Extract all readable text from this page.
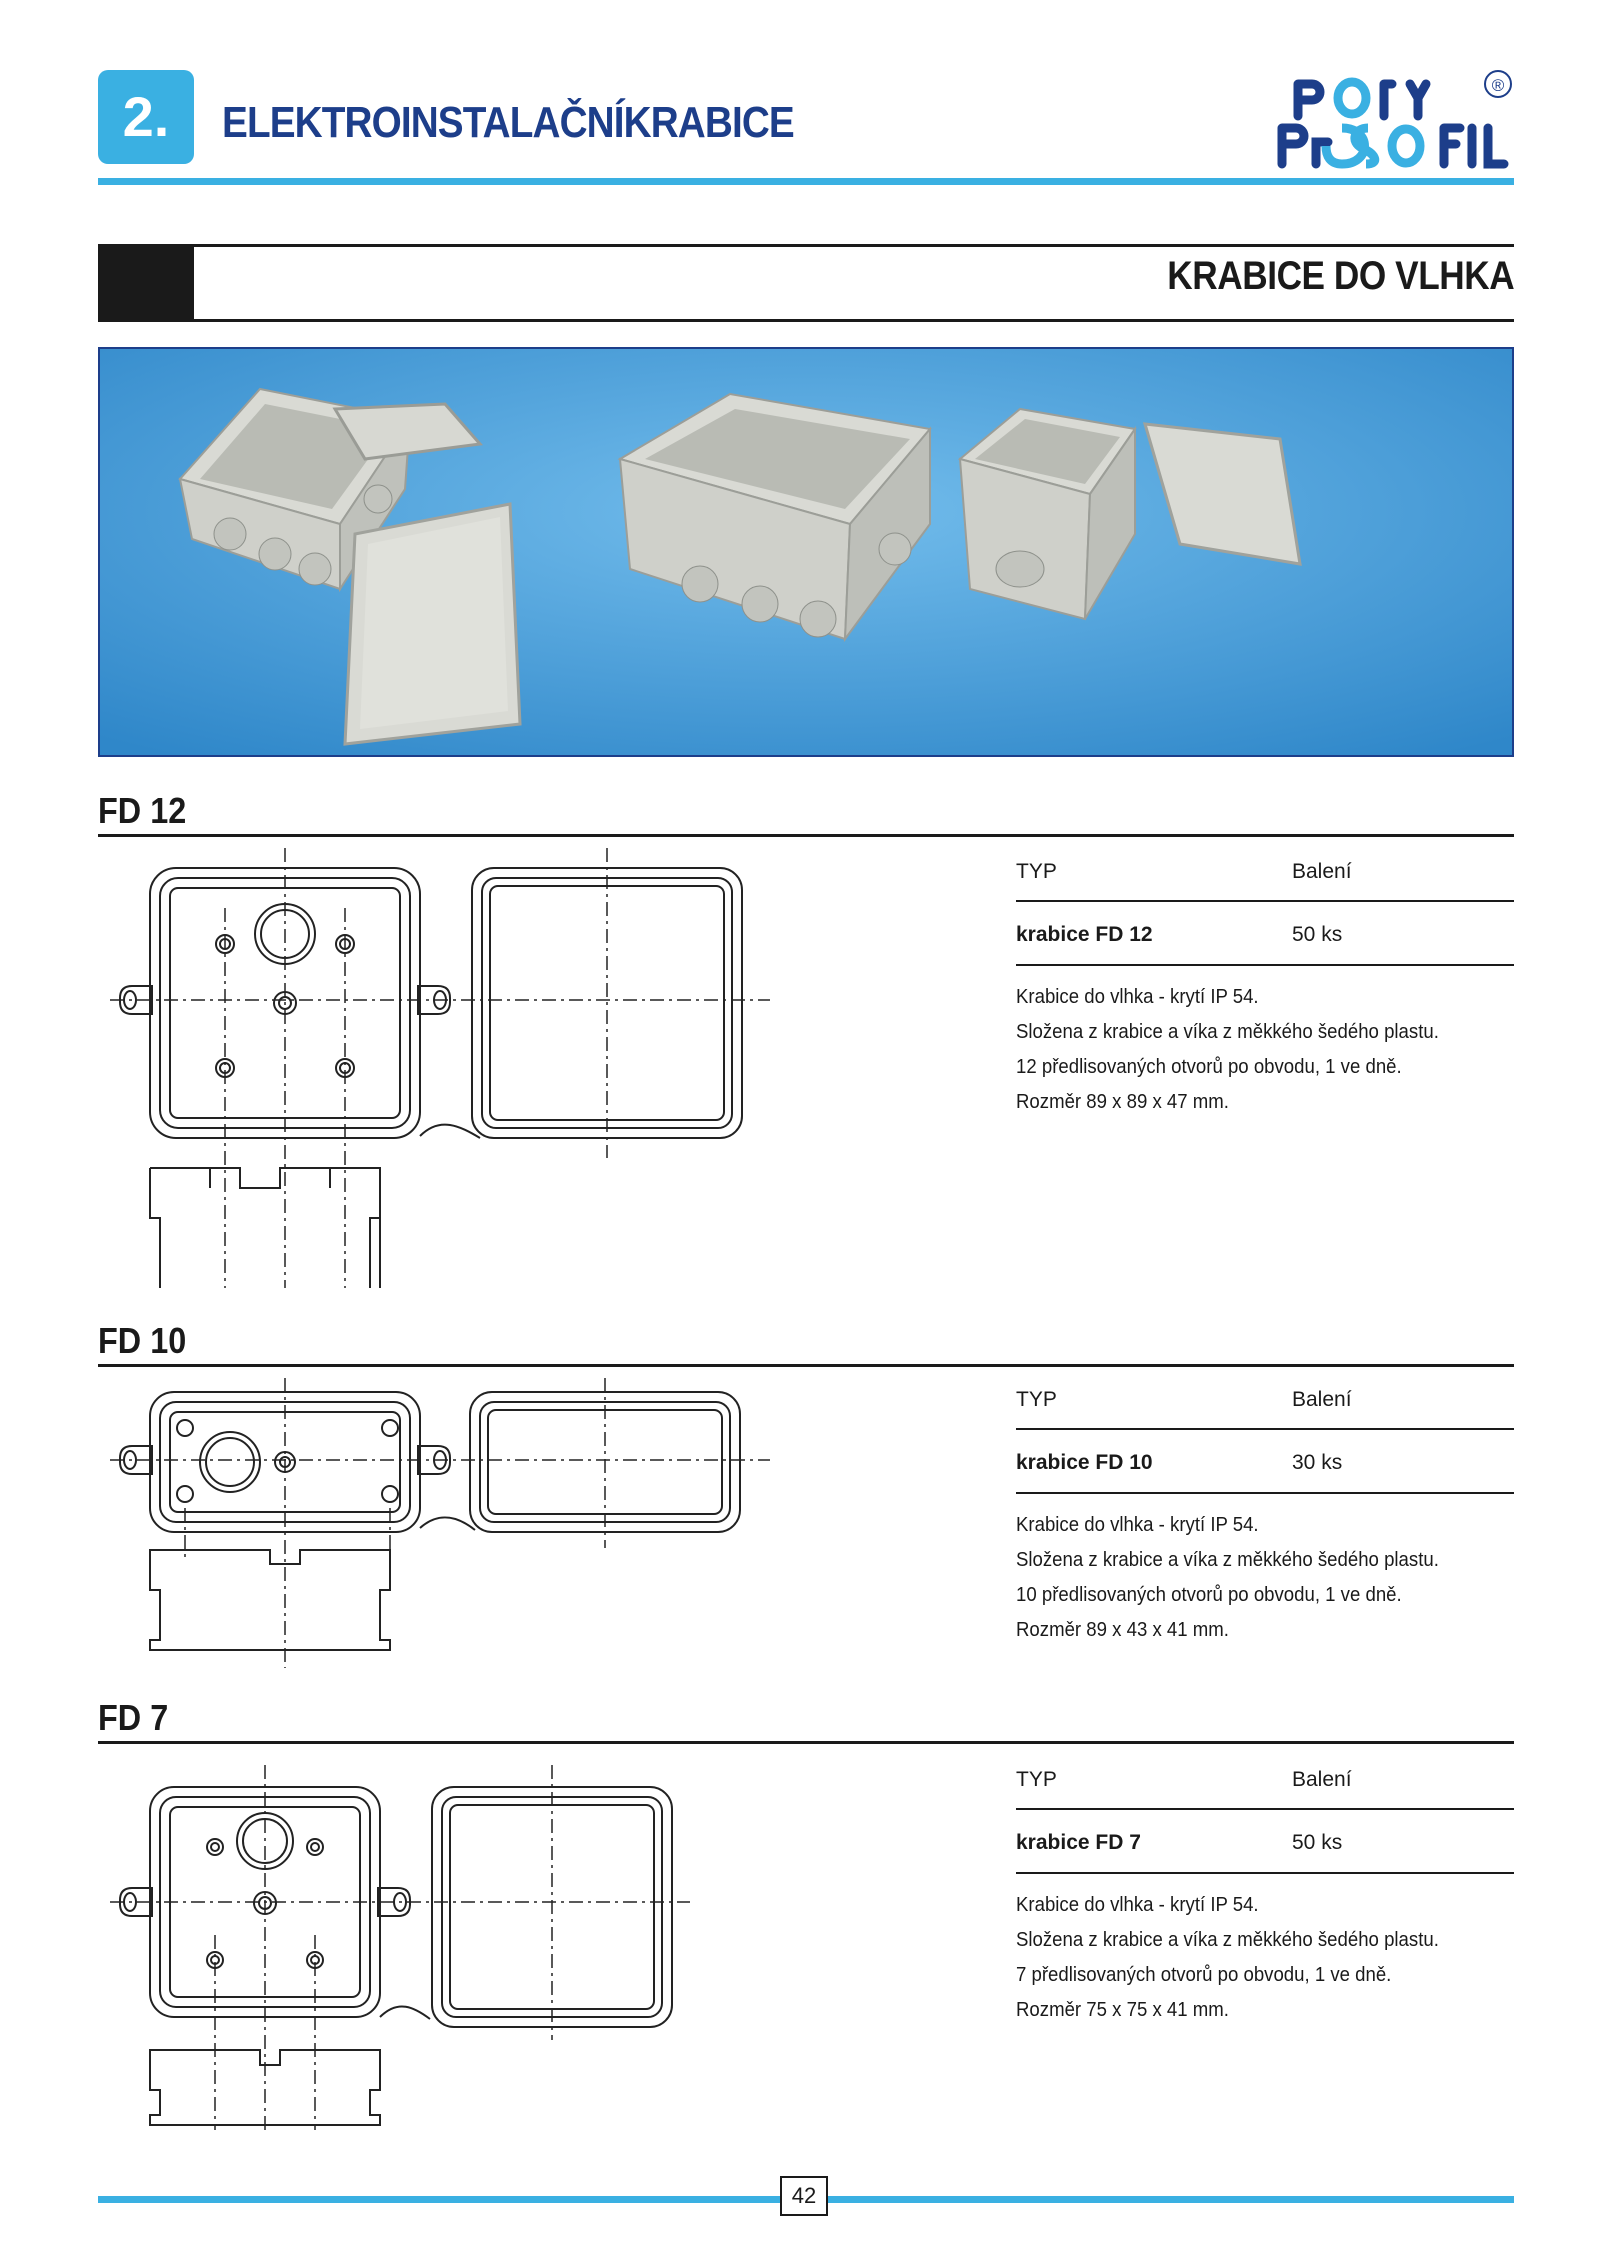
2.	ELEKTROINSTALAČNÍKRABICE
®
KRABICE DO VLHKA
FD 12
TYP	Balení
krabice FD 12	50 ks
Krabice do vlhka - krytí IP 54.
Složena z krabice a víka z měkkého šedého plastu.
12 předlisovaných otvorů po obvodu, 1 ve dně.
Rozměr 89 x 89 x 47 mm.
FD 10
TYP	Balení
krabice FD 10	30 ks
Krabice do vlhka - krytí IP 54.
Složena z krabice a víka z měkkého šedého plastu.
10 předlisovaných otvorů po obvodu, 1 ve dně.
Rozměr 89 x 43 x 41 mm.
FD 7
TYP	Balení
krabice FD 7	50 ks
Krabice do vlhka - krytí IP 54.
Složena z krabice a víka z měkkého šedého plastu.
7 předlisovaných otvorů po obvodu, 1 ve dně.
Rozměr 75 x 75 x 41 mm.
42
